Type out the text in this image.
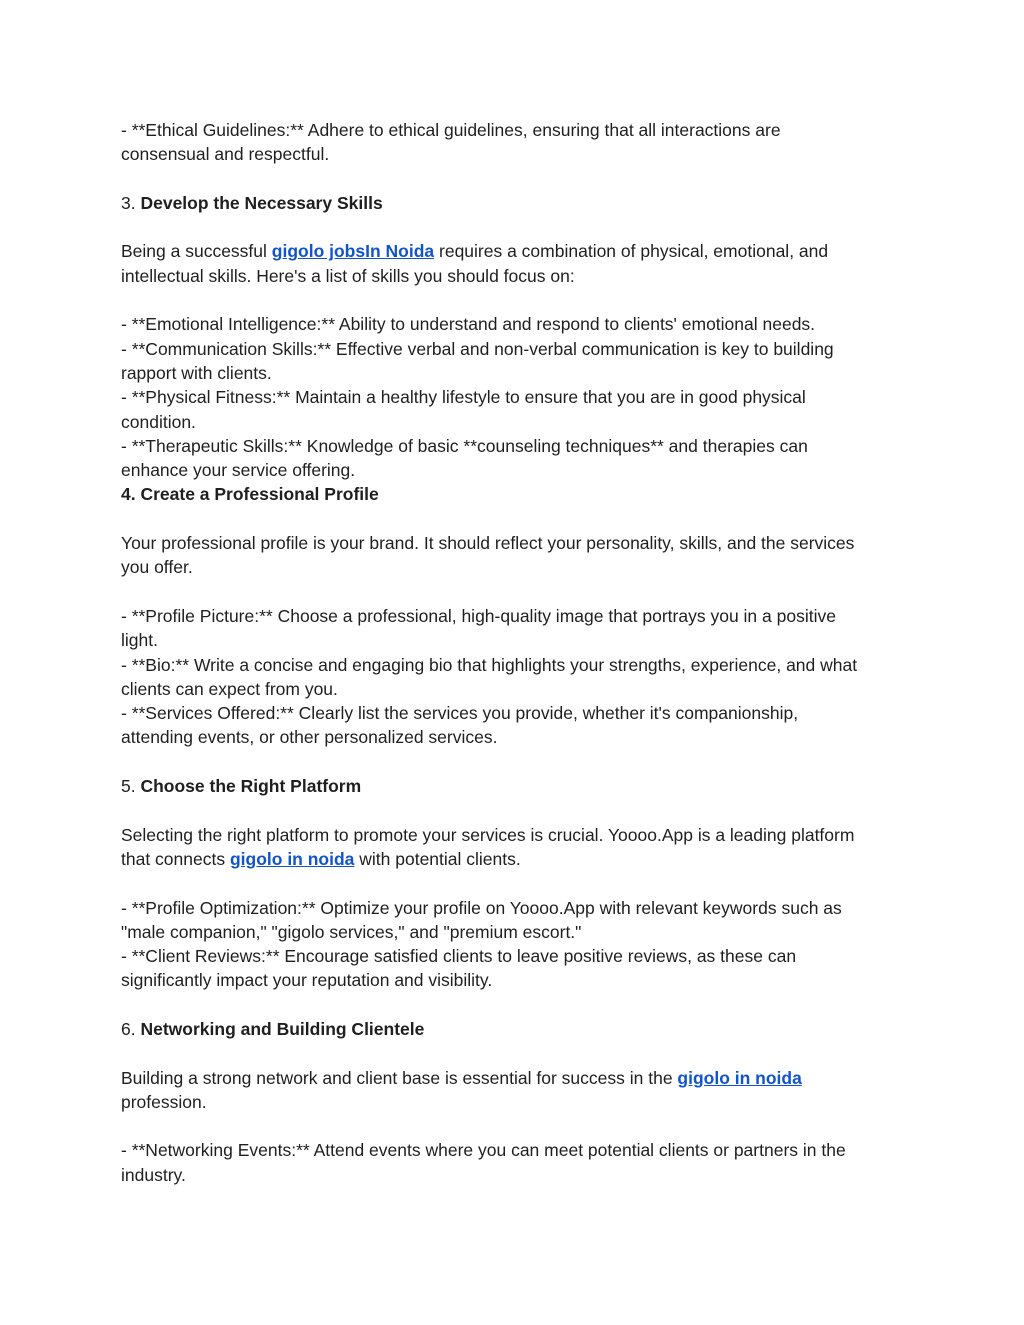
- **Ethical Guidelines:** Adhere to ethical guidelines, ensuring that all interactions are
consensual and respectful.
3. Develop the Necessary Skills
Being a successful gigolo jobsIn Noida requires a combination of physical, emotional, and
intellectual skills. Here's a list of skills you should focus on:
- **Emotional Intelligence:** Ability to understand and respond to clients' emotional needs.
- **Communication Skills:** Effective verbal and non-verbal communication is key to building
rapport with clients.
- **Physical Fitness:** Maintain a healthy lifestyle to ensure that you are in good physical
condition.
- **Therapeutic Skills:** Knowledge of basic **counseling techniques** and therapies can
enhance your service offering.
4. Create a Professional Profile
Your professional profile is your brand. It should reflect your personality, skills, and the services
you offer.
- **Profile Picture:** Choose a professional, high-quality image that portrays you in a positive
light.
- **Bio:** Write a concise and engaging bio that highlights your strengths, experience, and what
clients can expect from you.
- **Services Offered:** Clearly list the services you provide, whether it's companionship,
attending events, or other personalized services.
5. Choose the Right Platform
Selecting the right platform to promote your services is crucial. Yoooo.App is a leading platform
that connects gigolo in noida with potential clients.
- **Profile Optimization:** Optimize your profile on Yoooo.App with relevant keywords such as
"male companion," "gigolo services," and "premium escort."
- **Client Reviews:** Encourage satisfied clients to leave positive reviews, as these can
significantly impact your reputation and visibility.
6. Networking and Building Clientele
Building a strong network and client base is essential for success in the gigolo in noida
profession.
- **Networking Events:** Attend events where you can meet potential clients or partners in the
industry.
